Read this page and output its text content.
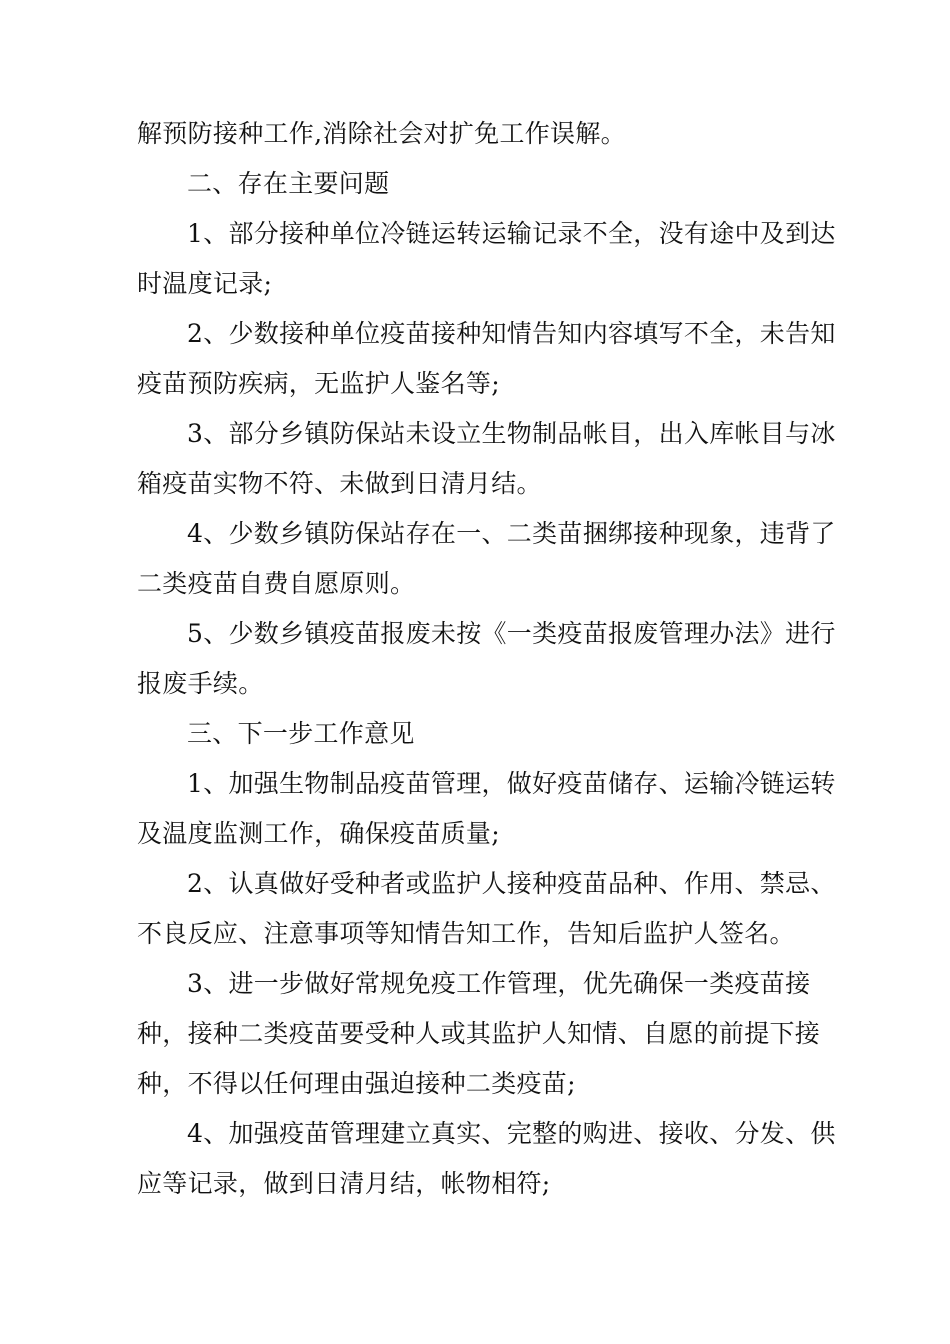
解预防接种工作,消除社会对扩免工作误解。

二、存在主要问题

1、部分接种单位冷链运转运输记录不全，没有途中及到达时温度记录;

2、少数接种单位疫苗接种知情告知内容填写不全，未告知疫苗预防疾病，无监护人鉴名等;

3、部分乡镇防保站未设立生物制品帐目，出入库帐目与冰箱疫苗实物不符、未做到日清月结。

4、少数乡镇防保站存在一、二类苗捆绑接种现象，违背了二类疫苗自费自愿原则。

5、少数乡镇疫苗报废未按《一类疫苗报废管理办法》进行报废手续。

三、下一步工作意见

1、加强生物制品疫苗管理，做好疫苗储存、运输冷链运转及温度监测工作，确保疫苗质量;

2、认真做好受种者或监护人接种疫苗品种、作用、禁忌、不良反应、注意事项等知情告知工作，告知后监护人签名。

3、进一步做好常规免疫工作管理，优先确保一类疫苗接种，接种二类疫苗要受种人或其监护人知情、自愿的前提下接种，不得以任何理由强迫接种二类疫苗;

4、加强疫苗管理建立真实、完整的购进、接收、分发、供应等记录，做到日清月结，帐物相符;
